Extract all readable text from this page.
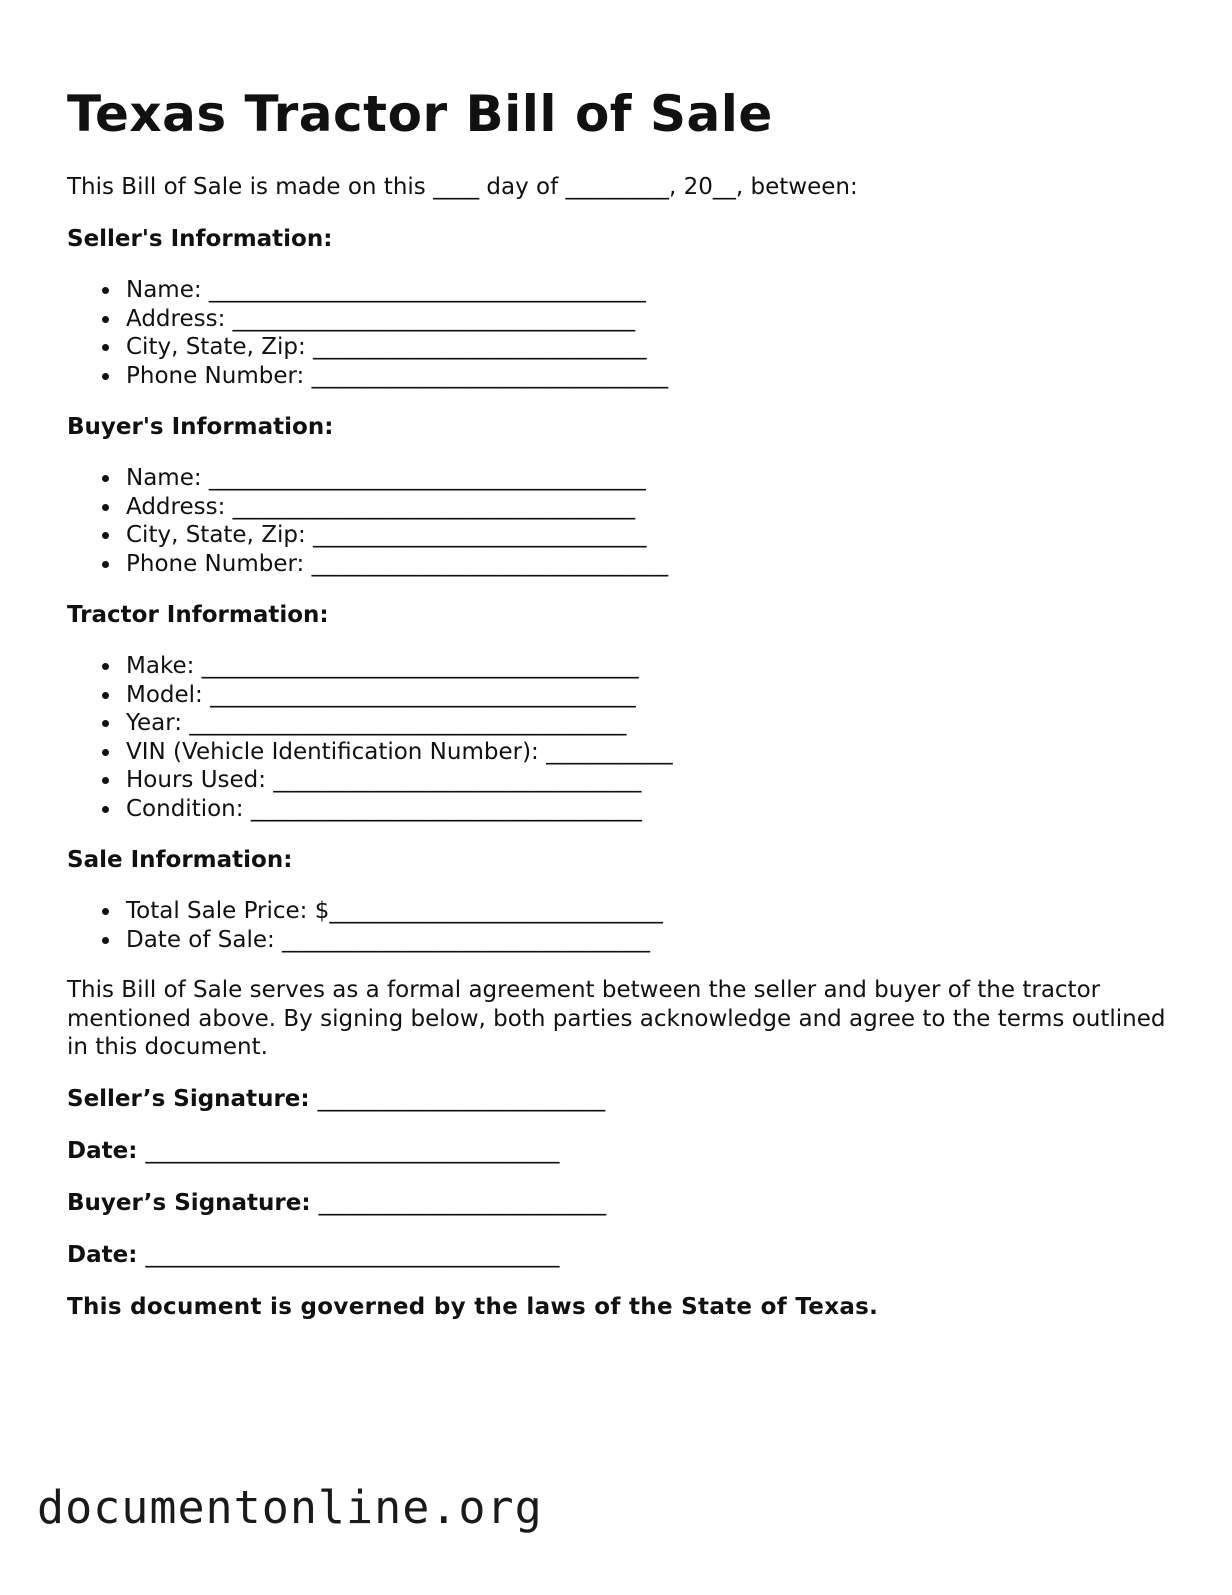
Texas Tractor Bill of Sale

This Bill of Sale is made on this ____ day of _________, 20__, between:

Seller's Information:
Name: ______________________________________
Address: ___________________________________
City, State, Zip: _____________________________
Phone Number: _______________________________
Buyer's Information:
Name: ______________________________________
Address: ___________________________________
City, State, Zip: _____________________________
Phone Number: _______________________________
Tractor Information:
Make: ______________________________________
Model: _____________________________________
Year: ______________________________________
VIN (Vehicle Identification Number): ___________
Hours Used: ________________________________
Condition: __________________________________
Sale Information:
Total Sale Price: $_____________________________
Date of Sale: ________________________________

This Bill of Sale serves as a formal agreement between the seller and buyer of the tractor mentioned above. By signing below, both parties acknowledge and agree to the terms outlined in this document.

Seller’s Signature: _________________________
Date: ____________________________________
Buyer’s Signature: _________________________
Date: ____________________________________
This document is governed by the laws of the State of Texas.
documentonline.org
